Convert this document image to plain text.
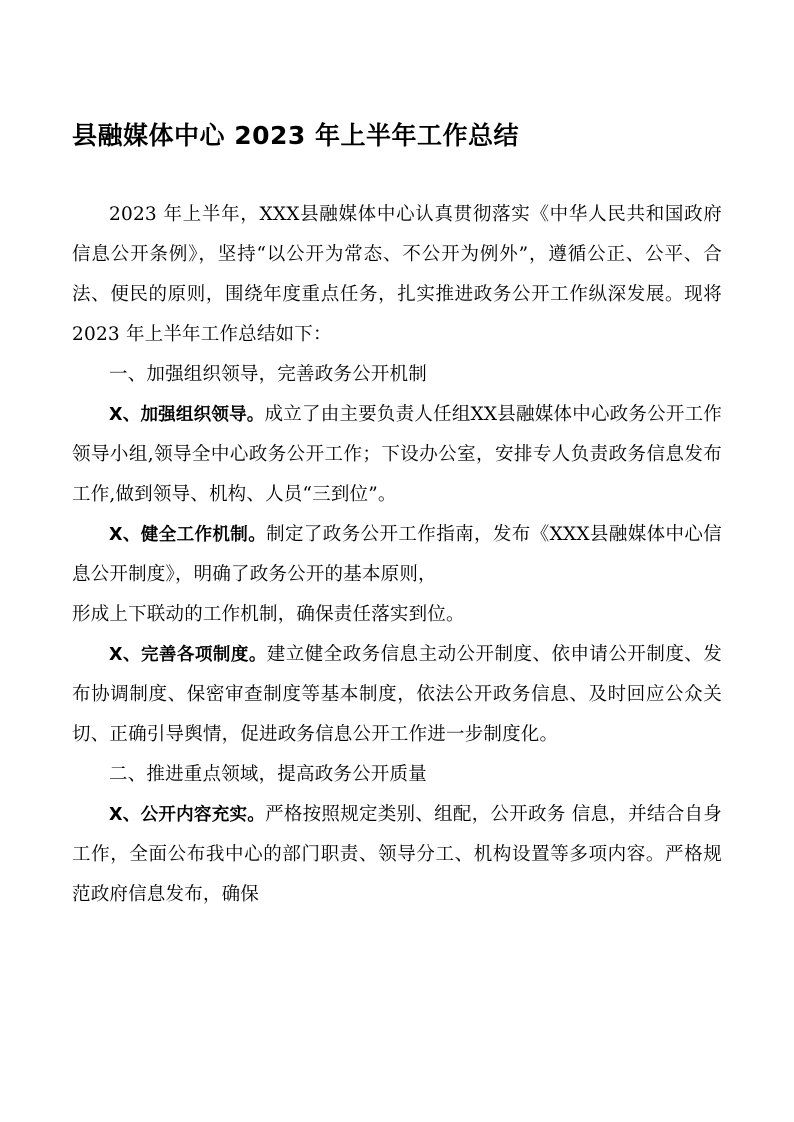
县融媒体中心 2023 年上半年工作总结

2023 年上半年，XXX县融媒体中心认真贯彻落实《中华人民共和国政府信息公开条例》，坚持“以公开为常态、不公开为例外”，遵循公正、公平、合法、便民的原则，围绕年度重点任务，扎实推进政务公开工作纵深发展。现将 2023 年上半年工作总结如下：

一、加强组织领导，完善政务公开机制

X、加强组织领导。成立了由主要负责人任组XX县融媒体中心政务公开工作领导小组,领导全中心政务公开工作；下设办公室，安排专人负责政务信息发布工作,做到领导、机构、人员“三到位”。

X、健全工作机制。制定了政务公开工作指南，发布《XXX县融媒体中心信息公开制度》，明确了政务公开的基本原则，

形成上下联动的工作机制，确保责任落实到位。

X、完善各项制度。建立健全政务信息主动公开制度、依申请公开制度、发布协调制度、保密审查制度等基本制度，依法公开政务信息、及时回应公众关切、正确引导舆情，促进政务信息公开工作进一步制度化。

二、推进重点领域，提高政务公开质量

X、公开内容充实。严格按照规定类别、组配，公开政务 信息，并结合自身工作，全面公布我中心的部门职责、领导分工、机构设置等多项内容。严格规范政府信息发布，确保
